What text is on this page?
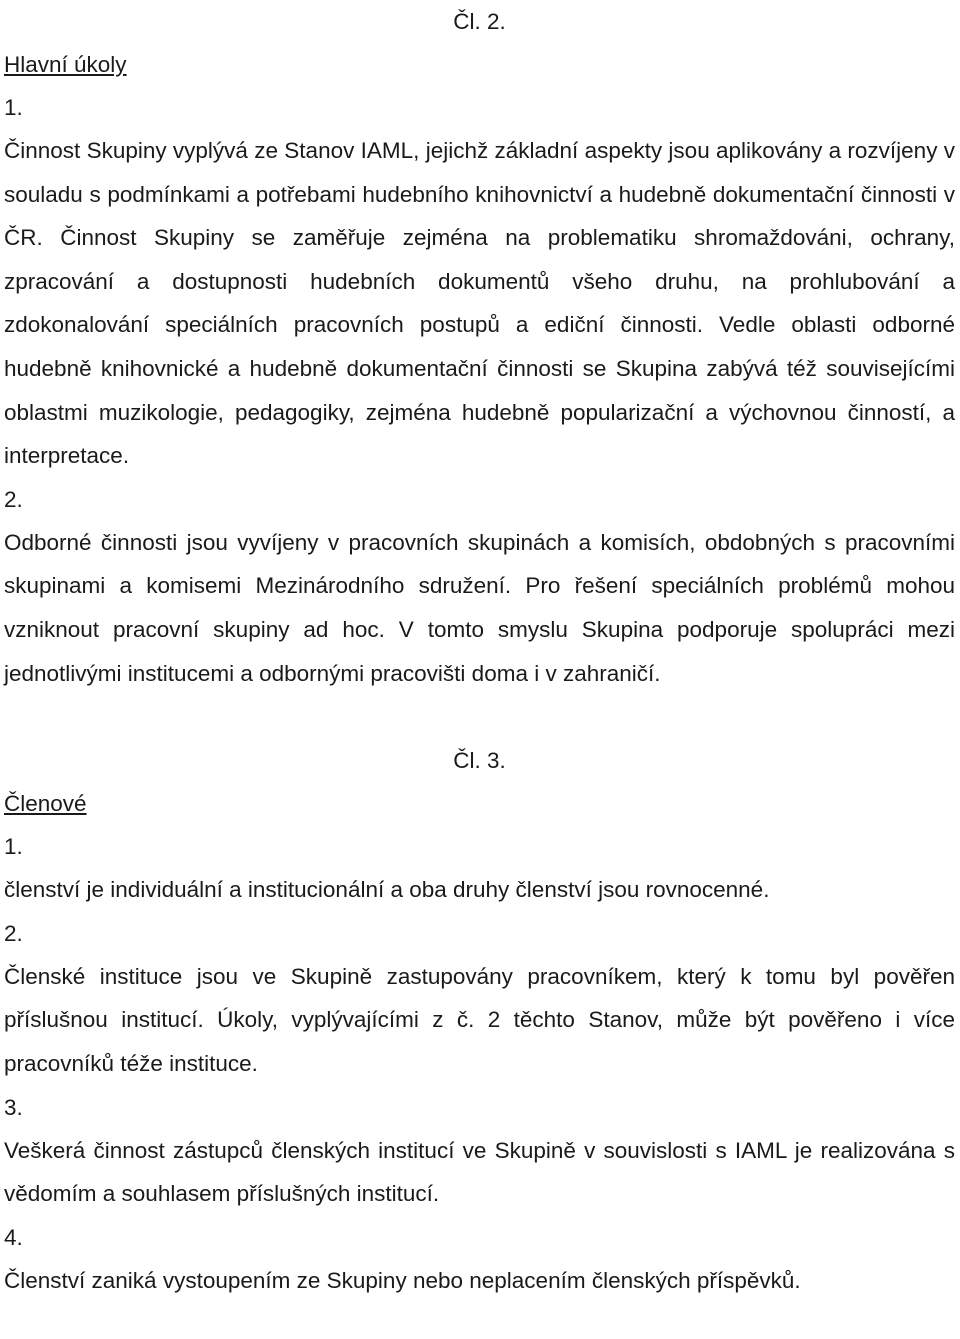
Čl. 2.
Hlavní úkoly
1.

Činnost Skupiny vyplývá ze Stanov IAML, jejichž základní aspekty jsou aplikovány a rozvíjeny v souladu s podmínkami a potřebami hudebního knihovnictví a hudebně dokumentační činnosti v ČR. Činnost Skupiny se zaměřuje zejména na problematiku shromaždováni, ochrany, zpracování a dostupnosti hudebních dokumentů všeho druhu, na prohlubování a zdokonalování speciálních pracovních postupů a ediční činnosti. Vedle oblasti odborné hudebně knihovnické a hudebně dokumentační činnosti se Skupina zabývá též souvisejícími oblastmi muzikologie, pedagogiky, zejména hudebně popularizační a výchovnou činností, a interpretace.

2.

Odborné činnosti jsou vyvíjeny v pracovních skupinách a komisích, obdobných s pracovními skupinami a komisemi Mezinárodního sdružení. Pro řešení speciálních problémů mohou vzniknout pracovní skupiny ad hoc. V tomto smyslu Skupina podporuje spolupráci mezi jednotlivými institucemi a odbornými pracovišti doma i v zahraničí.

Čl. 3.
Členové
1.

členství je individuální a institucionální a oba druhy členství jsou rovnocenné.

2.

Členské instituce jsou ve Skupině zastupovány pracovníkem, který k tomu byl pověřen příslušnou institucí. Úkoly, vyplývajícími z č. 2 těchto Stanov, může být pověřeno i více pracovníků téže instituce.

3.

Veškerá činnost zástupců členských institucí ve Skupině v souvislosti s IAML je realizována s vědomím a souhlasem příslušných institucí.

4.

Členství zaniká vystoupením ze Skupiny nebo neplacením členských příspěvků.
